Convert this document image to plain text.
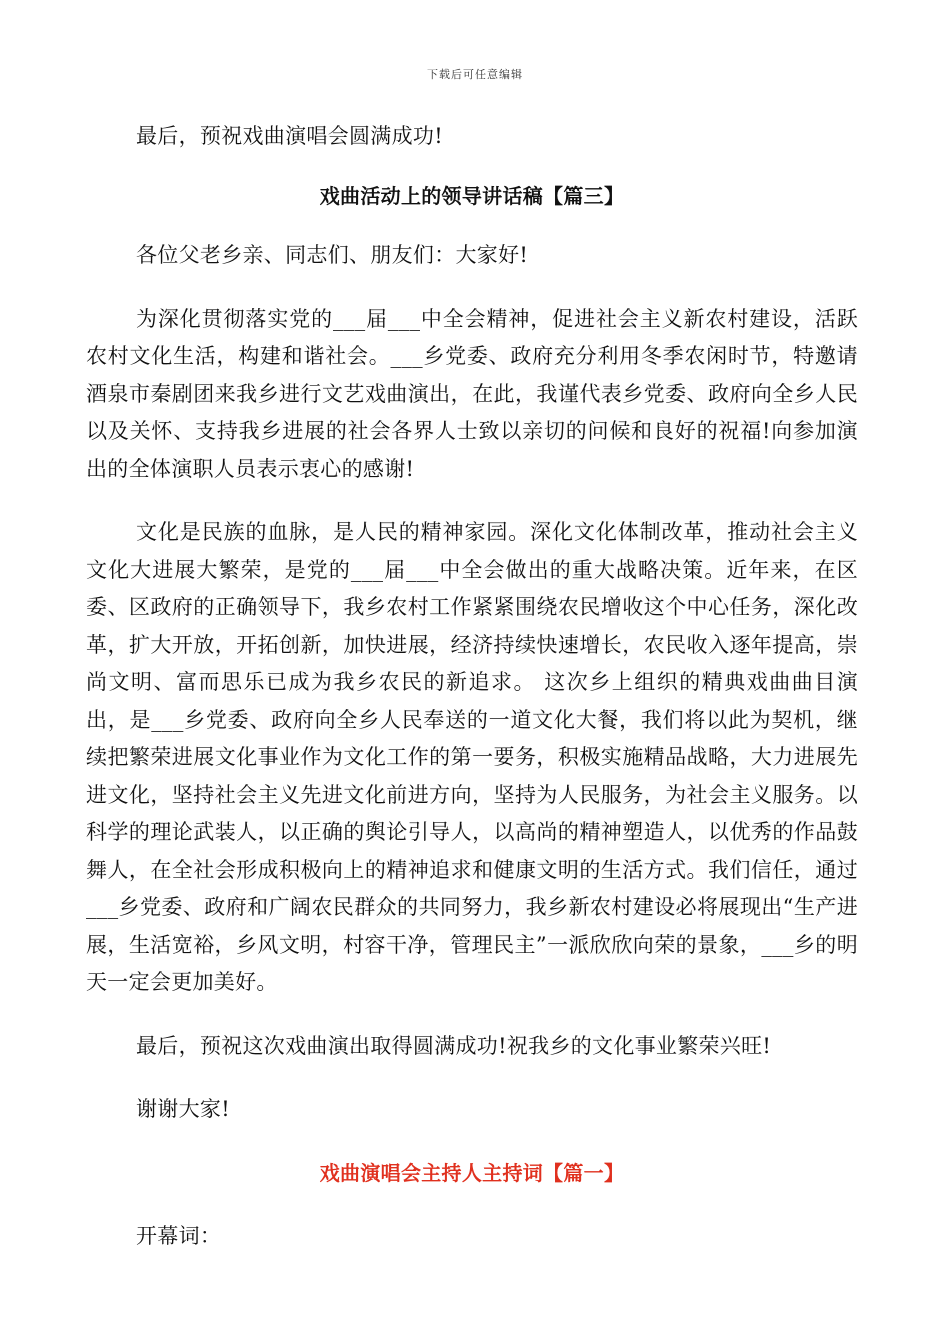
下载后可任意编辑

最后，预祝戏曲演唱会圆满成功!

戏曲活动上的领导讲话稿【篇三】

各位父老乡亲、同志们、朋友们：大家好!

为深化贯彻落实党的___届___中全会精神，促进社会主义新农村建设，活跃农村文化生活，构建和谐社会。___乡党委、政府充分利用冬季农闲时节，特邀请酒泉市秦剧团来我乡进行文艺戏曲演出，在此，我谨代表乡党委、政府向全乡人民以及关怀、支持我乡进展的社会各界人士致以亲切的问候和良好的祝福!向参加演出的全体演职人员表示衷心的感谢!

文化是民族的血脉，是人民的精神家园。深化文化体制改革，推动社会主义文化大进展大繁荣，是党的___届___中全会做出的重大战略决策。近年来，在区委、区政府的正确领导下，我乡农村工作紧紧围绕农民增收这个中心任务，深化改革，扩大开放，开拓创新，加快进展，经济持续快速增长，农民收入逐年提高，崇尚文明、富而思乐已成为我乡农民的新追求。 这次乡上组织的精典戏曲曲目演出，是___乡党委、政府向全乡人民奉送的一道文化大餐，我们将以此为契机，继续把繁荣进展文化事业作为文化工作的第一要务，积极实施精品战略，大力进展先进文化，坚持社会主义先进文化前进方向，坚持为人民服务，为社会主义服务。以科学的理论武装人，以正确的舆论引导人，以高尚的精神塑造人，以优秀的作品鼓舞人，在全社会形成积极向上的精神追求和健康文明的生活方式。我们信任，通过___乡党委、政府和广阔农民群众的共同努力，我乡新农村建设必将展现出“生产进展，生活宽裕，乡风文明，村容干净，管理民主”一派欣欣向荣的景象，___乡的明天一定会更加美好。

最后，预祝这次戏曲演出取得圆满成功!祝我乡的文化事业繁荣兴旺!

谢谢大家!

戏曲演唱会主持人主持词【篇一】

开幕词：
